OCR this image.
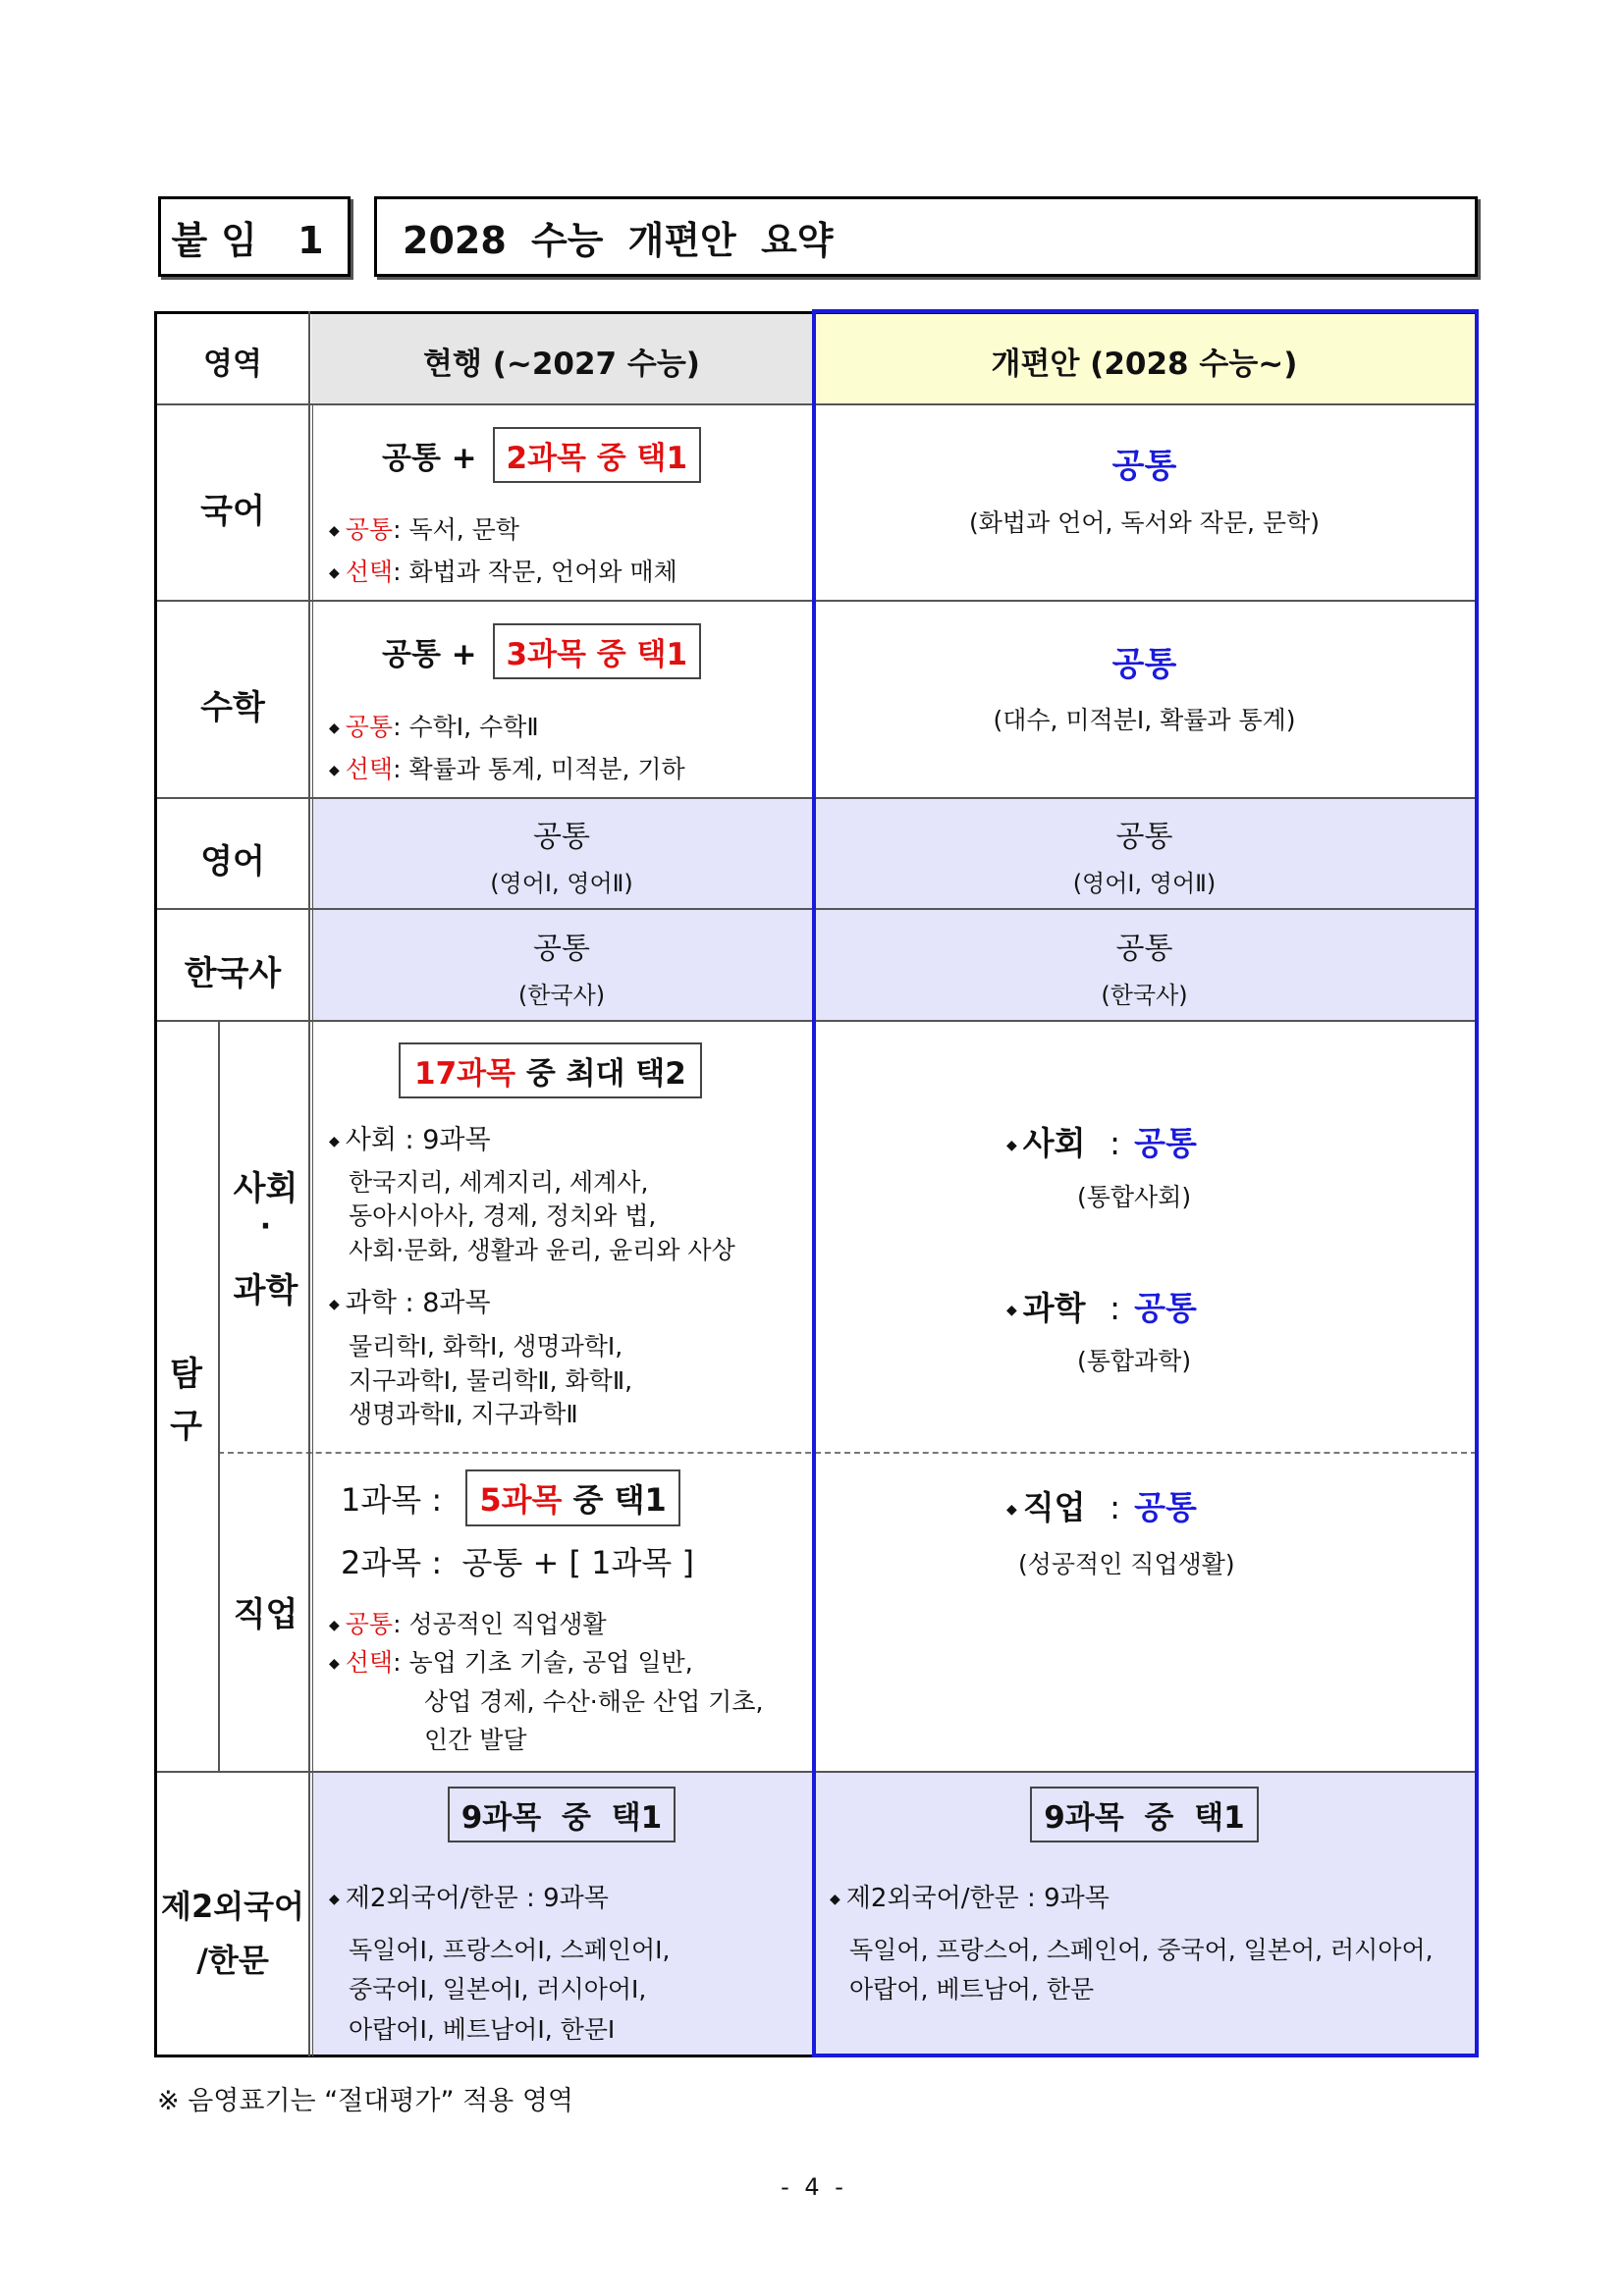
붙임 1 2028 수능 개편안 요약
영역	현행 (~2027 수능)	개편안 (2028 수능~)
국어
공통 + 2과목 중 택1
◆ 공통: 독서, 문학
◆ 선택: 화법과 작문, 언어와 매체
공통
(화법과 언어, 독서와 작문, 문학)
수학
공통 + 3과목 중 택1
◆ 공통: 수학Ⅰ, 수학Ⅱ
◆ 선택: 확률과 통계, 미적분, 기하
공통
(대수, 미적분Ⅰ, 확률과 통계)
영어
공통
(영어Ⅰ, 영어Ⅱ)
공통
(영어Ⅰ, 영어Ⅱ)
한국사
공통
(한국사)
공통
(한국사)
탐
구
사회
·
과학
17과목 중 최대 택2
◆ 사회 : 9과목
한국지리, 세계지리, 세계사,
동아시아사, 경제, 정치와 법,
사회·문화, 생활과 윤리, 윤리와 사상
◆ 과학 : 8과목
물리학Ⅰ, 화학Ⅰ, 생명과학Ⅰ,
지구과학Ⅰ, 물리학Ⅱ, 화학Ⅱ,
생명과학Ⅱ, 지구과학Ⅱ
◆ 사회 : 공통
(통합사회)
◆ 과학 : 공통
(통합과학)
직업
1과목 : 5과목 중 택1
2과목 :  공통 + [ 1과목 ]
◆ 공통: 성공적인 직업생활
◆ 선택: 농업 기초 기술, 공업 일반,
상업 경제, 수산·해운 산업 기초,
인간 발달
◆ 직업 : 공통
(성공적인 직업생활)
제2외국어
/한문
9과목 중 택1
◆ 제2외국어/한문 : 9과목
독일어Ⅰ, 프랑스어Ⅰ, 스페인어Ⅰ,
중국어Ⅰ, 일본어Ⅰ, 러시아어Ⅰ,
아랍어Ⅰ, 베트남어Ⅰ, 한문Ⅰ
9과목 중 택1
◆ 제2외국어/한문 : 9과목
독일어, 프랑스어, 스페인어, 중국어, 일본어, 러시아어,
아랍어, 베트남어, 한문
※ 음영표기는 “절대평가” 적용 영역
- 4 -
